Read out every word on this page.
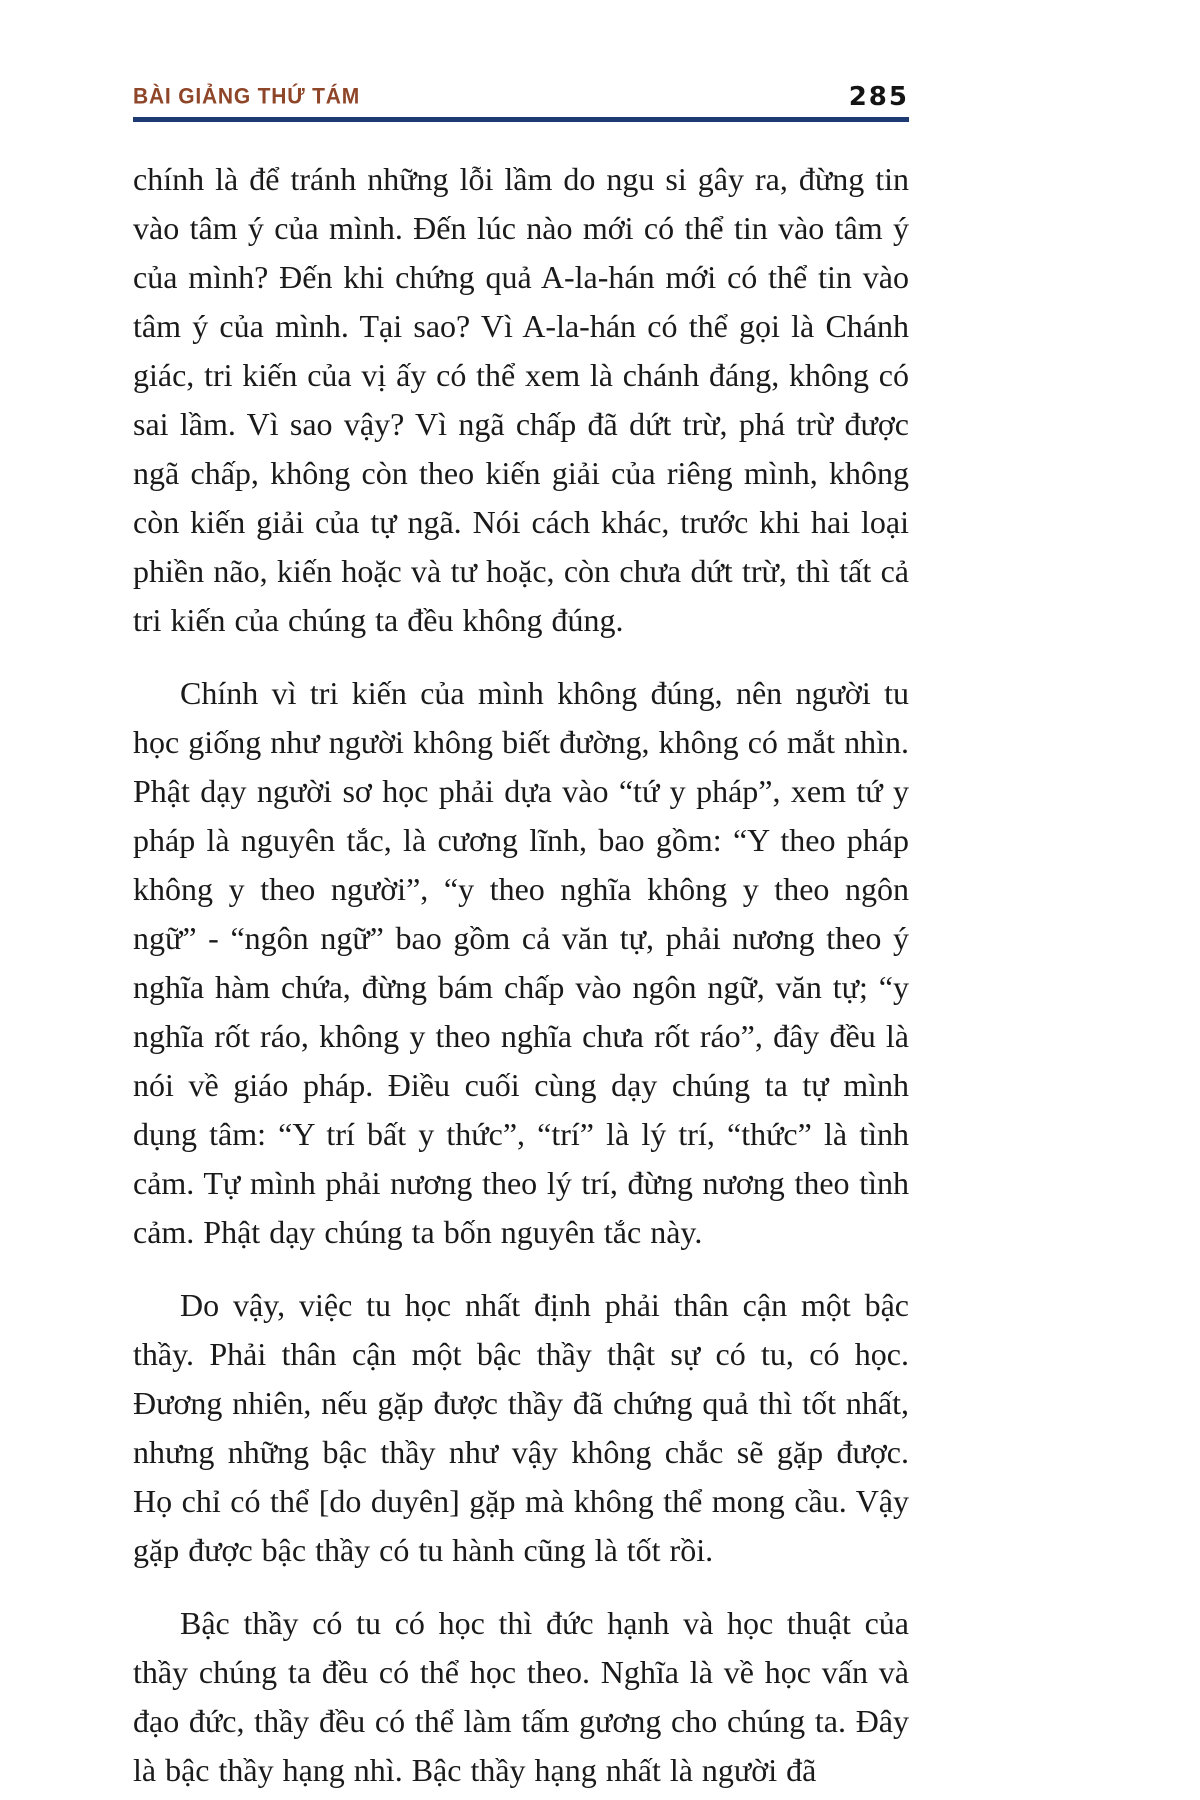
BÀI GIẢNG THỨ TÁM	285

chính là để tránh những lỗi lầm do ngu si gây ra, đừng tin vào tâm ý của mình. Đến lúc nào mới có thể tin vào tâm ý của mình? Đến khi chứng quả A-la-hán mới có thể tin vào tâm ý của mình. Tại sao? Vì A-la-hán có thể gọi là Chánh giác, tri kiến của vị ấy có thể xem là chánh đáng, không có sai lầm. Vì sao vậy? Vì ngã chấp đã dứt trừ, phá trừ được ngã chấp, không còn theo kiến giải của riêng mình, không còn kiến giải của tự ngã. Nói cách khác, trước khi hai loại phiền não, kiến hoặc và tư hoặc, còn chưa dứt trừ, thì tất cả tri kiến của chúng ta đều không đúng.

Chính vì tri kiến của mình không đúng, nên người tu học giống như người không biết đường, không có mắt nhìn. Phật dạy người sơ học phải dựa vào “tứ y pháp”, xem tứ y pháp là nguyên tắc, là cương lĩnh, bao gồm: “Y theo pháp không y theo người”, “y theo nghĩa không y theo ngôn ngữ” - “ngôn ngữ” bao gồm cả văn tự, phải nương theo ý nghĩa hàm chứa, đừng bám chấp vào ngôn ngữ, văn tự; “y nghĩa rốt ráo, không y theo nghĩa chưa rốt ráo”, đây đều là nói về giáo pháp. Điều cuối cùng dạy chúng ta tự mình dụng tâm: “Y trí bất y thức”, “trí” là lý trí, “thức” là tình cảm. Tự mình phải nương theo lý trí, đừng nương theo tình cảm. Phật dạy chúng ta bốn nguyên tắc này.

Do vậy, việc tu học nhất định phải thân cận một bậc thầy. Phải thân cận một bậc thầy thật sự có tu, có học. Đương nhiên, nếu gặp được thầy đã chứng quả thì tốt nhất, nhưng những bậc thầy như vậy không chắc sẽ gặp được. Họ chỉ có thể [do duyên] gặp mà không thể mong cầu. Vậy gặp được bậc thầy có tu hành cũng là tốt rồi.

Bậc thầy có tu có học thì đức hạnh và học thuật của thầy chúng ta đều có thể học theo. Nghĩa là về học vấn và đạo đức, thầy đều có thể làm tấm gương cho chúng ta. Đây là bậc thầy hạng nhì. Bậc thầy hạng nhất là người đã
